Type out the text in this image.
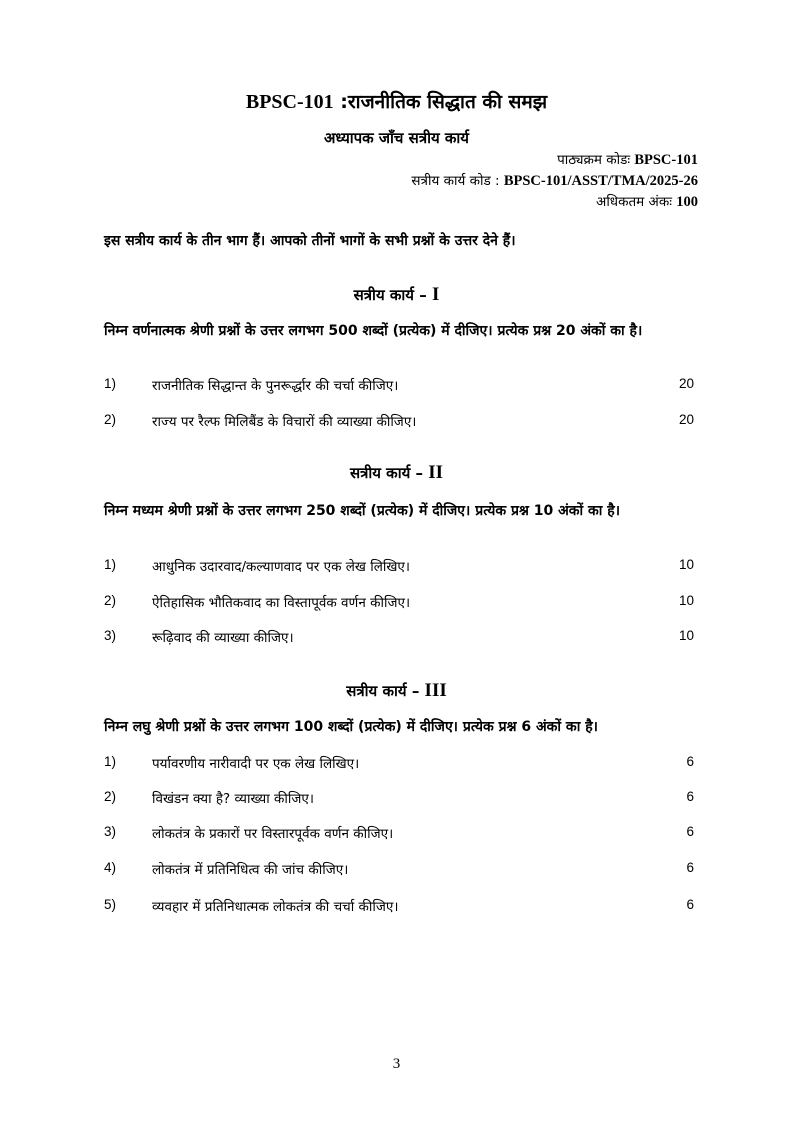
BPSC-101 :राजनीतिक सिद्धात की समझ
अध्यापक जाँच सत्रीय कार्य
पाठ्यक्रम कोडः BPSC-101
सत्रीय कार्य कोड : BPSC-101/ASST/TMA/2025-26
अधिकतम अंकः 100
इस सत्रीय कार्य के तीन भाग हैं। आपको तीनों भागों के सभी प्रश्नों के उत्तर देने हैं।
सत्रीय कार्य – I
निम्न वर्णनात्मक श्रेणी प्रश्नों के उत्तर लगभग 500 शब्दों (प्रत्येक) में दीजिए। प्रत्येक प्रश्न 20 अंकों का है।
1)	राजनीतिक सिद्धान्त के पुनरूर्द्धार की चर्चा कीजिए।	20
2)	राज्य पर रैल्फ मिलिबैंड के विचारों की व्याख्या कीजिए।	20
सत्रीय कार्य – II
निम्न मध्यम श्रेणी प्रश्नों के उत्तर लगभग 250 शब्दों (प्रत्येक) में दीजिए। प्रत्येक प्रश्न 10 अंकों का है।
1)	आधुनिक उदारवाद/कल्याणवाद पर एक लेख लिखिए।	10
2)	ऐतिहासिक भौतिकवाद का विस्तापूर्वक वर्णन कीजिए।	10
3)	रूढ़िवाद की व्याख्या कीजिए।	10
सत्रीय कार्य – III
निम्न लघु श्रेणी प्रश्नों के उत्तर लगभग 100 शब्दों (प्रत्येक) में दीजिए। प्रत्येक प्रश्न 6 अंकों का है।
1)	पर्यावरणीय नारीवादी पर एक लेख लिखिए।	6
2)	विखंडन क्या है? व्याख्या कीजिए।	6
3)	लोकतंत्र के प्रकारों पर विस्तारपूर्वक वर्णन कीजिए।	6
4)	लोकतंत्र में प्रतिनिधित्व की जांच कीजिए।	6
5)	व्यवहार में प्रतिनिधात्मक लोकतंत्र की चर्चा कीजिए।	6
3
